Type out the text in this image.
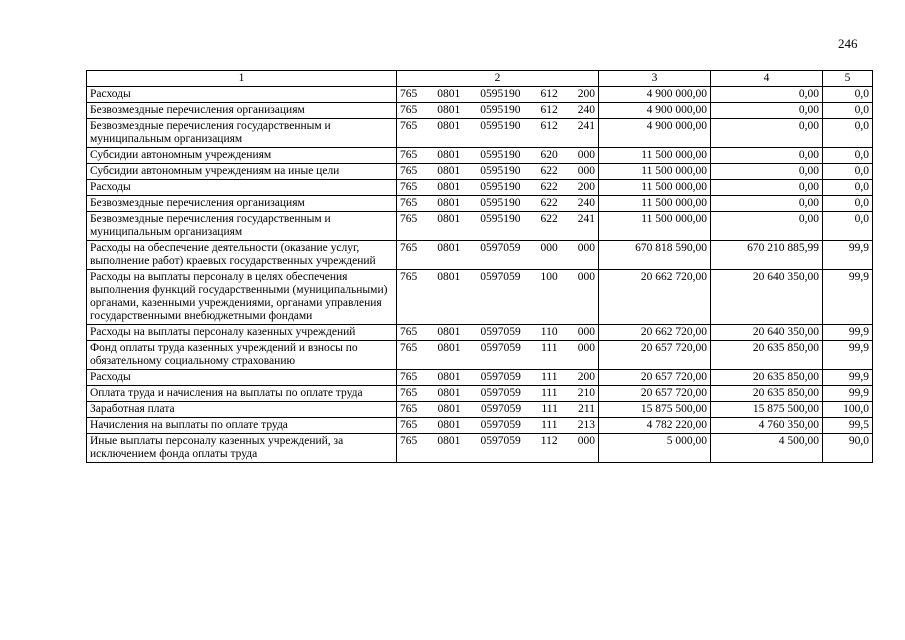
246
1	2	3	4	5
Расходы	765 0801 0595190 612 200	4 900 000,00	0,00	0,0
Безвозмездные перечисления организациям	765 0801 0595190 612 240	4 900 000,00	0,00	0,0
Безвозмездные перечисления государственным и муниципальным организациям	765 0801 0595190 612 241	4 900 000,00	0,00	0,0
Субсидии автономным учреждениям	765 0801 0595190 620 000	11 500 000,00	0,00	0,0
Субсидии автономным учреждениям на иные цели	765 0801 0595190 622 000	11 500 000,00	0,00	0,0
Расходы	765 0801 0595190 622 200	11 500 000,00	0,00	0,0
Безвозмездные перечисления организациям	765 0801 0595190 622 240	11 500 000,00	0,00	0,0
Безвозмездные перечисления государственным и муниципальным организациям	765 0801 0595190 622 241	11 500 000,00	0,00	0,0
Расходы на обеспечение деятельности (оказание услуг, выполнение работ) краевых государственных учреждений	765 0801 0597059 000 000	670 818 590,00	670 210 885,99	99,9
Расходы на выплаты персоналу в целях обеспечения выполнения функций государственными (муниципальными) органами, казенными учреждениями, органами управления государственными внебюджетными фондами	765 0801 0597059 100 000	20 662 720,00	20 640 350,00	99,9
Расходы на выплаты персоналу казенных учреждений	765 0801 0597059 110 000	20 662 720,00	20 640 350,00	99,9
Фонд оплаты труда казенных учреждений и взносы по обязательному социальному страхованию	765 0801 0597059 111 000	20 657 720,00	20 635 850,00	99,9
Расходы	765 0801 0597059 111 200	20 657 720,00	20 635 850,00	99,9
Оплата труда и начисления на выплаты по оплате труда	765 0801 0597059 111 210	20 657 720,00	20 635 850,00	99,9
Заработная плата	765 0801 0597059 111 211	15 875 500,00	15 875 500,00	100,0
Начисления на выплаты по оплате труда	765 0801 0597059 111 213	4 782 220,00	4 760 350,00	99,5
Иные выплаты персоналу казенных учреждений, за исключением фонда оплаты труда	765 0801 0597059 112 000	5 000,00	4 500,00	90,0
